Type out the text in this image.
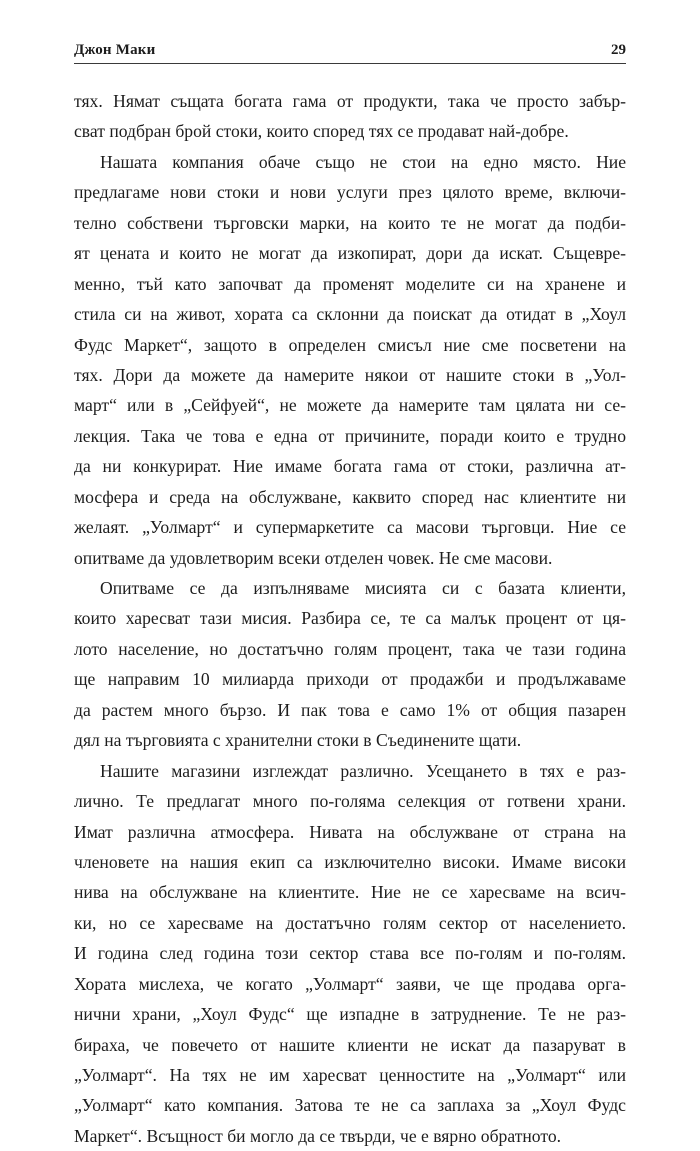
Джон Маки	29
тях. Нямат същата богата гама от продукти, така че просто забър-
сват подбран брой стоки, които според тях се продават най-добре.
Нашата компания обаче също не стои на едно място. Ние
предлагаме нови стоки и нови услуги през цялото време, включи-
телно собствени търговски марки, на които те не могат да подби-
ят цената и които не могат да изкопират, дори да искат. Същевре-
менно, тъй като започват да променят моделите си на хранене и
стила си на живот, хората са склонни да поискат да отидат в „Хоул
Фудс Маркет“, защото в определен смисъл ние сме посветени на
тях. Дори да можете да намерите някои от нашите стоки в „Уол-
март“ или в „Сейфуей“, не можете да намерите там цялата ни се-
лекция. Така че това е една от причините, поради които е трудно
да ни конкурират. Ние имаме богата гама от стоки, различна ат-
мосфера и среда на обслужване, каквито според нас клиентите ни
желаят. „Уолмарт“ и супермаркетите са масови търговци. Ние се
опитваме да удовлетворим всеки отделен човек. Не сме масови.
Опитваме се да изпълняваме мисията си с базата клиенти,
които харесват тази мисия. Разбира се, те са малък процент от ця-
лото население, но достатъчно голям процент, така че тази година
ще направим 10 милиарда приходи от продажби и продължаваме
да растем много бързо. И пак това е само 1% от общия пазарен
дял на търговията с хранителни стоки в Съединените щати.
Нашите магазини изглеждат различно. Усещането в тях е раз-
лично. Те предлагат много по-голяма селекция от готвени храни.
Имат различна атмосфера. Нивата на обслужване от страна на
членовете на нашия екип са изключително високи. Имаме високи
нива на обслужване на клиентите. Ние не се харесваме на всич-
ки, но се харесваме на достатъчно голям сектор от населението.
И година след година този сектор става все по-голям и по-голям.
Хората мислеха, че когато „Уолмарт“ заяви, че ще продава орга-
нични храни, „Хоул Фудс“ ще изпадне в затруднение. Те не раз-
бираха, че повечето от нашите клиенти не искат да пазаруват в
„Уолмарт“. На тях не им харесват ценностите на „Уолмарт“ или
„Уолмарт“ като компания. Затова те не са заплаха за „Хоул Фудс
Маркет“. Всъщност би могло да се твърди, че е вярно обратното.
